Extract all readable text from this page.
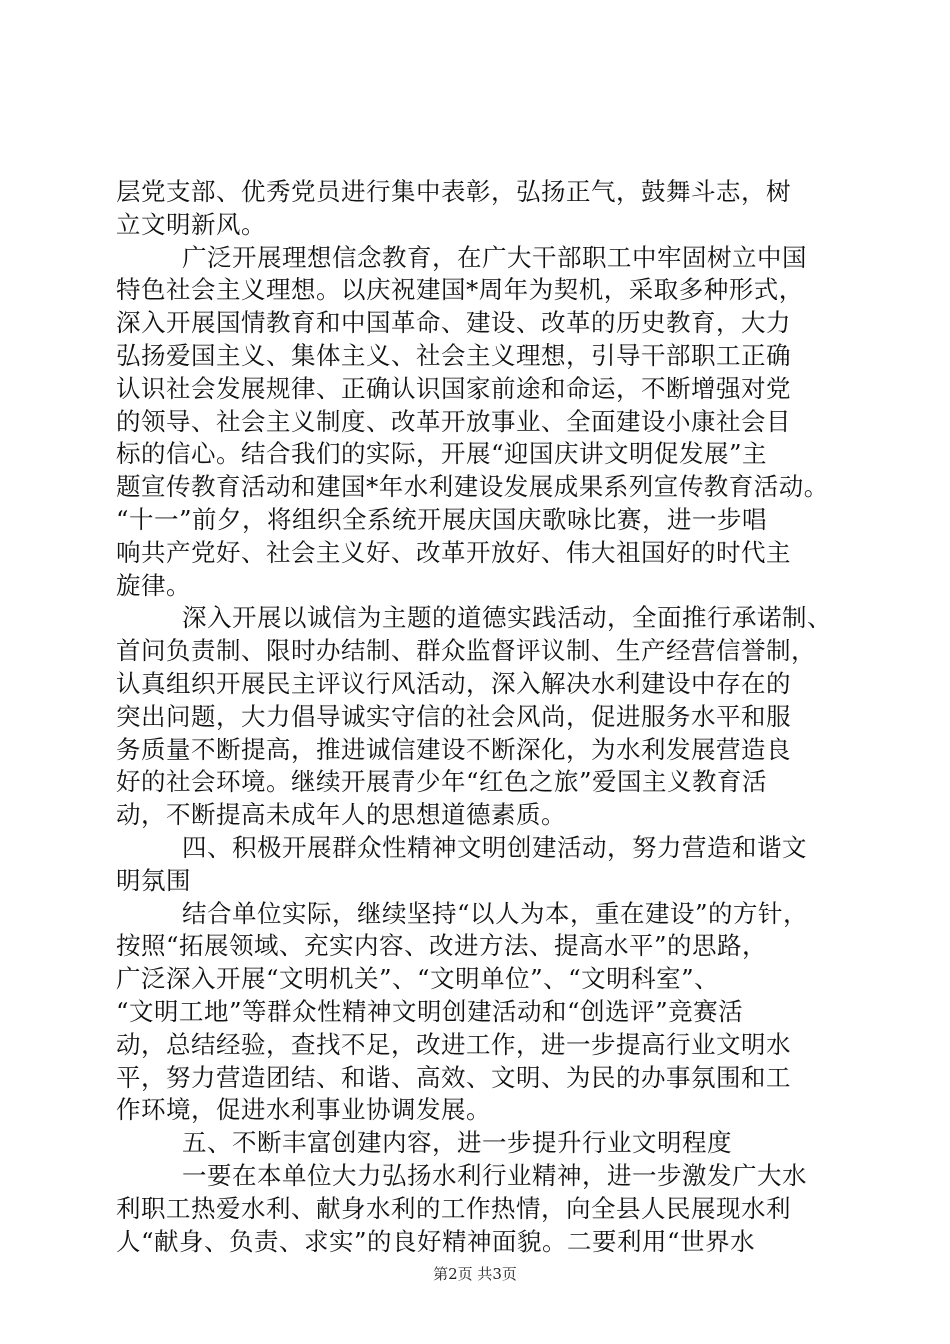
层党支部、优秀党员进行集中表彰，弘扬正气，鼓舞斗志，树
立文明新风。
广泛开展理想信念教育，在广大干部职工中牢固树立中国
特色社会主义理想。以庆祝建国*周年为契机，采取多种形式，
深入开展国情教育和中国革命、建设、改革的历史教育，大力
弘扬爱国主义、集体主义、社会主义理想，引导干部职工正确
认识社会发展规律、正确认识国家前途和命运，不断增强对党
的领导、社会主义制度、改革开放事业、全面建设小康社会目
标的信心。结合我们的实际，开展“迎国庆讲文明促发展”主
题宣传教育活动和建国*年水利建设发展成果系列宣传教育活动。
“十一”前夕，将组织全系统开展庆国庆歌咏比赛，进一步唱
响共产党好、社会主义好、改革开放好、伟大祖国好的时代主
旋律。
深入开展以诚信为主题的道德实践活动，全面推行承诺制、
首问负责制、限时办结制、群众监督评议制、生产经营信誉制，
认真组织开展民主评议行风活动，深入解决水利建设中存在的
突出问题，大力倡导诚实守信的社会风尚，促进服务水平和服
务质量不断提高，推进诚信建设不断深化，为水利发展营造良
好的社会环境。继续开展青少年“红色之旅”爱国主义教育活
动，不断提高未成年人的思想道德素质。
四、积极开展群众性精神文明创建活动，努力营造和谐文
明氛围
结合单位实际，继续坚持“以人为本，重在建设”的方针，
按照“拓展领域、充实内容、改进方法、提高水平”的思路，
广泛深入开展“文明机关”、“文明单位”、“文明科室”、
“文明工地”等群众性精神文明创建活动和“创选评”竞赛活
动，总结经验，查找不足，改进工作，进一步提高行业文明水
平，努力营造团结、和谐、高效、文明、为民的办事氛围和工
作环境，促进水利事业协调发展。
五、不断丰富创建内容，进一步提升行业文明程度
一要在本单位大力弘扬水利行业精神，进一步激发广大水
利职工热爱水利、献身水利的工作热情，向全县人民展现水利
人“献身、负责、求实”的良好精神面貌。二要利用“世界水
第2页 共3页
